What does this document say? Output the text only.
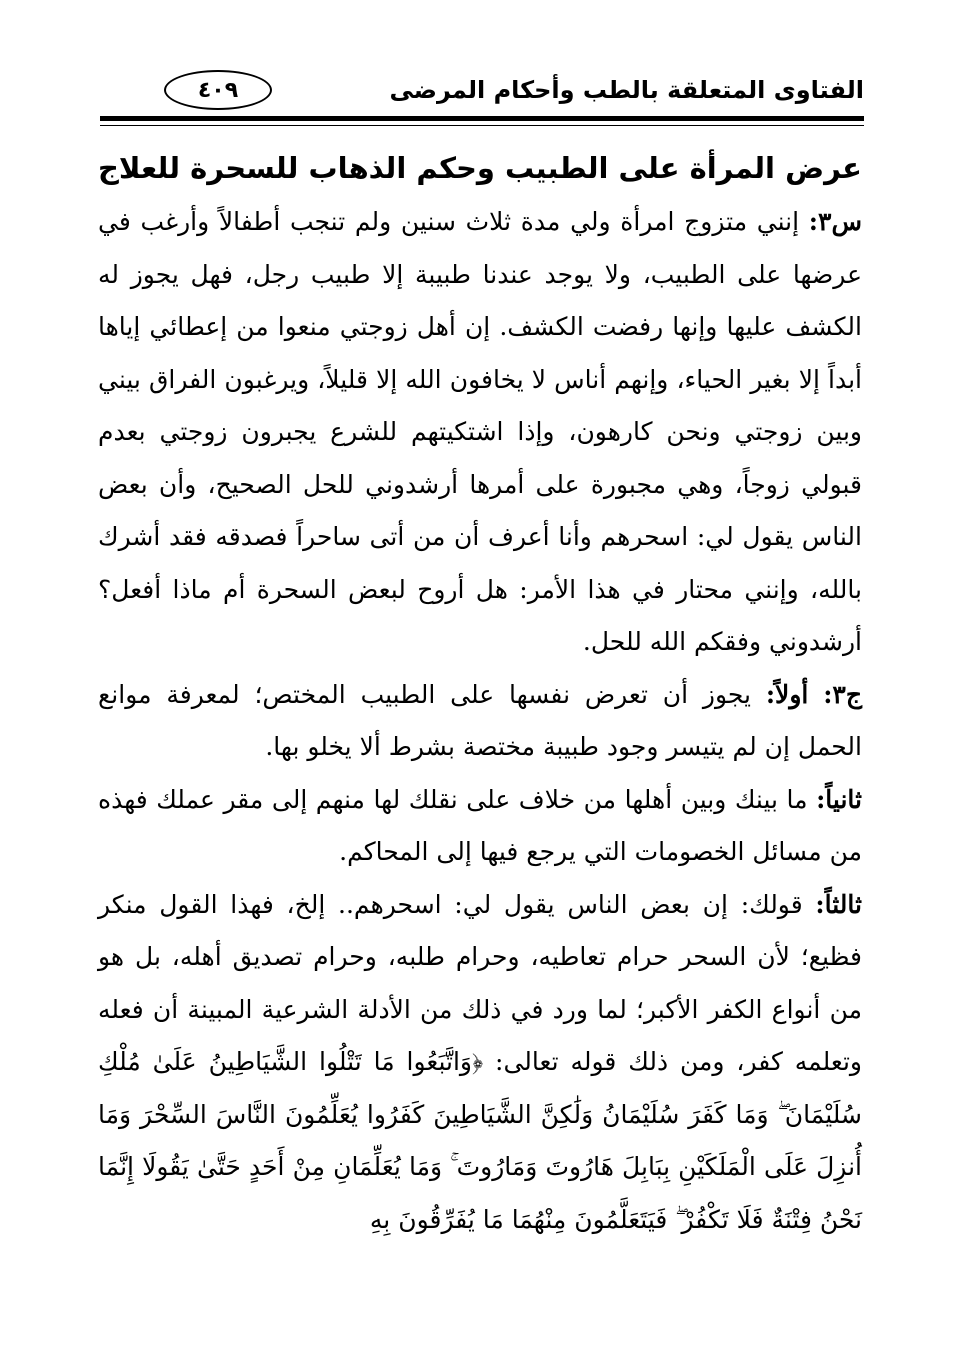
الفتاوى المتعلقة بالطب وأحكام المرضى
٤٠٩
عرض المرأة على الطبيب وحكم الذهاب للسحرة للعلاج

س٣: إنني متزوج امرأة ولي مدة ثلاث سنين ولم تنجب أطفالاً وأرغب في عرضها على الطبيب، ولا يوجد عندنا طبيبة إلا طبيب رجل، فهل يجوز له الكشف عليها وإنها رفضت الكشف. إن أهل زوجتي منعوا من إعطائي إياها أبداً إلا بغير الحياء، وإنهم أناس لا يخافون الله إلا قليلاً، ويرغبون الفراق بيني وبين زوجتي ونحن كارهون، وإذا اشتكيتهم للشرع يجبرون زوجتي بعدم قبولي زوجاً، وهي مجبورة على أمرها أرشدوني للحل الصحيح، وأن بعض الناس يقول لي: اسحرهم وأنا أعرف أن من أتى ساحراً فصدقه فقد أشرك بالله، وإنني محتار في هذا الأمر: هل أروح لبعض السحرة أم ماذا أفعل؟ أرشدوني وفقكم الله للحل.

ج٣: أولاً: يجوز أن تعرض نفسها على الطبيب المختص؛ لمعرفة موانع الحمل إن لم يتيسر وجود طبيبة مختصة بشرط ألا يخلو بها.

ثانياً: ما بينك وبين أهلها من خلاف على نقلك لها منهم إلى مقر عملك فهذه من مسائل الخصومات التي يرجع فيها إلى المحاكم.

ثالثاً: قولك: إن بعض الناس يقول لي: اسحرهم.. إلخ، فهذا القول منكر فظيع؛ لأن السحر حرام تعاطيه، وحرام طلبه، وحرام تصديق أهله، بل هو من أنواع الكفر الأكبر؛ لما ورد في ذلك من الأدلة الشرعية المبينة أن فعله وتعلمه كفر، ومن ذلك قوله تعالى: ﴿وَاتَّبَعُوا مَا تَتْلُوا الشَّيَاطِينُ عَلَىٰ مُلْكِ سُلَيْمَانَ ۖ وَمَا كَفَرَ سُلَيْمَانُ وَلَٰكِنَّ الشَّيَاطِينَ كَفَرُوا يُعَلِّمُونَ النَّاسَ السِّحْرَ وَمَا أُنزِلَ عَلَى الْمَلَكَيْنِ بِبَابِلَ هَارُوتَ وَمَارُوتَ ۚ وَمَا يُعَلِّمَانِ مِنْ أَحَدٍ حَتَّىٰ يَقُولَا إِنَّمَا نَحْنُ فِتْنَةٌ فَلَا تَكْفُرْ ۖ فَيَتَعَلَّمُونَ مِنْهُمَا مَا يُفَرِّقُونَ بِهِ
